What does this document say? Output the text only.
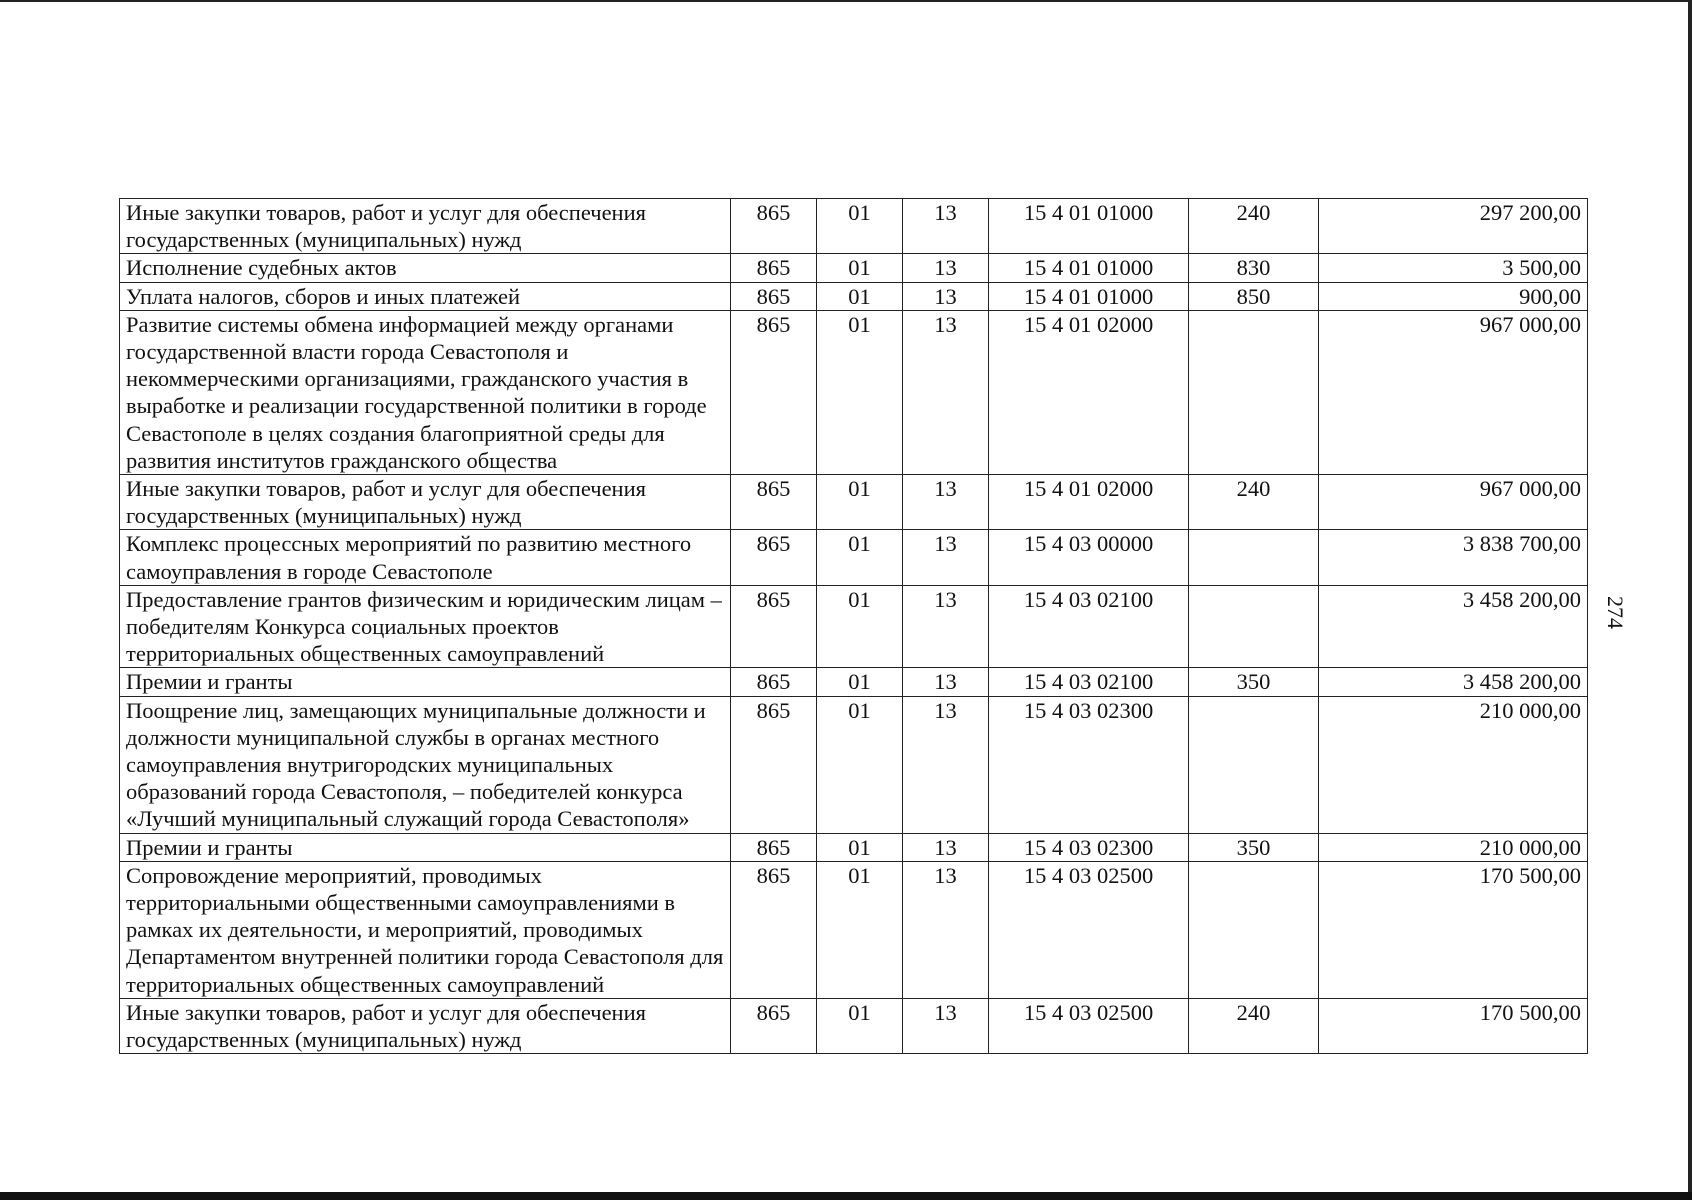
274
Иные закупки товаров, работ и услуг для обеспечения государственных (муниципальных) нужд	865	01	13	15 4 01 01000	240	297 200,00
Исполнение судебных актов	865	01	13	15 4 01 01000	830	3 500,00
Уплата налогов, сборов и иных платежей	865	01	13	15 4 01 01000	850	900,00
Развитие системы обмена информацией между органами государственной власти города Севастополя и некоммерческими организациями, гражданского участия в выработке и реализации государственной политики в городе Севастополе в целях создания благоприятной среды для развития институтов гражданского общества	865	01	13	15 4 01 02000		967 000,00
Иные закупки товаров, работ и услуг для обеспечения государственных (муниципальных) нужд	865	01	13	15 4 01 02000	240	967 000,00
Комплекс процессных мероприятий по развитию местного самоуправления в городе Севастополе	865	01	13	15 4 03 00000		3 838 700,00
Предоставление грантов физическим и юридическим лицам – победителям Конкурса социальных проектов территориальных общественных самоуправлений	865	01	13	15 4 03 02100		3 458 200,00
Премии и гранты	865	01	13	15 4 03 02100	350	3 458 200,00
Поощрение лиц, замещающих муниципальные должности и должности муниципальной службы в органах местного самоуправления внутригородских муниципальных образований города Севастополя, – победителей конкурса «Лучший муниципальный служащий города Севастополя»	865	01	13	15 4 03 02300		210 000,00
Премии и гранты	865	01	13	15 4 03 02300	350	210 000,00
Сопровождение мероприятий, проводимых территориальными общественными самоуправлениями в рамках их деятельности, и мероприятий, проводимых Департаментом внутренней политики города Севастополя для территориальных общественных самоуправлений	865	01	13	15 4 03 02500		170 500,00
Иные закупки товаров, работ и услуг для обеспечения государственных (муниципальных) нужд	865	01	13	15 4 03 02500	240	170 500,00
